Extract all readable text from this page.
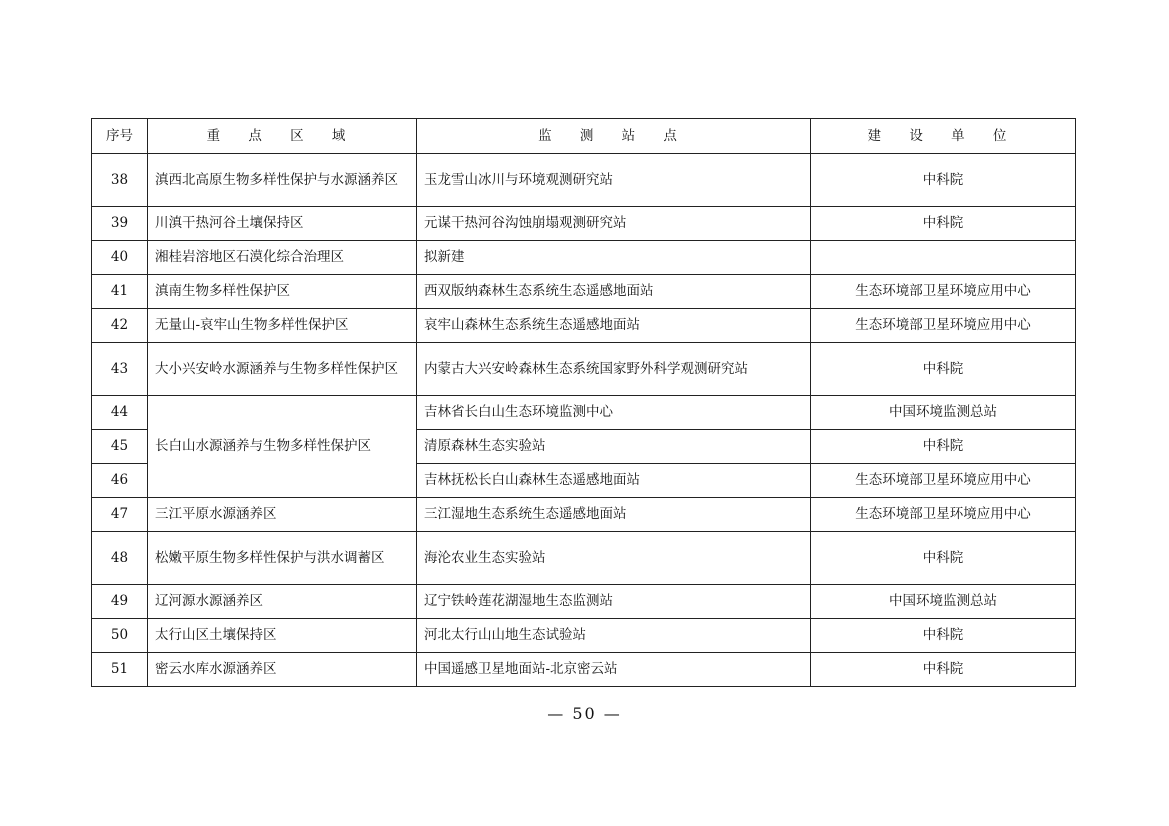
序号	重 点 区 域	监 测 站 点	建 设 单 位
38	滇西北高原生物多样性保护与水源涵养区	玉龙雪山冰川与环境观测研究站	中科院
39	川滇干热河谷土壤保持区	元谋干热河谷沟蚀崩塌观测研究站	中科院
40	湘桂岩溶地区石漠化综合治理区	拟新建	
41	滇南生物多样性保护区	西双版纳森林生态系统生态遥感地面站	生态环境部卫星环境应用中心
42	无量山-哀牢山生物多样性保护区	哀牢山森林生态系统生态遥感地面站	生态环境部卫星环境应用中心
43	大小兴安岭水源涵养与生物多样性保护区	内蒙古大兴安岭森林生态系统国家野外科学观测研究站	中科院
44	长白山水源涵养与生物多样性保护区	吉林省长白山生态环境监测中心	中国环境监测总站
45		清原森林生态实验站	中科院
46		吉林抚松长白山森林生态遥感地面站	生态环境部卫星环境应用中心
47	三江平原水源涵养区	三江湿地生态系统生态遥感地面站	生态环境部卫星环境应用中心
48	松嫩平原生物多样性保护与洪水调蓄区	海沦农业生态实验站	中科院
49	辽河源水源涵养区	辽宁铁岭莲花湖湿地生态监测站	中国环境监测总站
50	太行山区土壤保持区	河北太行山山地生态试验站	中科院
51	密云水库水源涵养区	中国遥感卫星地面站-北京密云站	中科院
— 50 —
